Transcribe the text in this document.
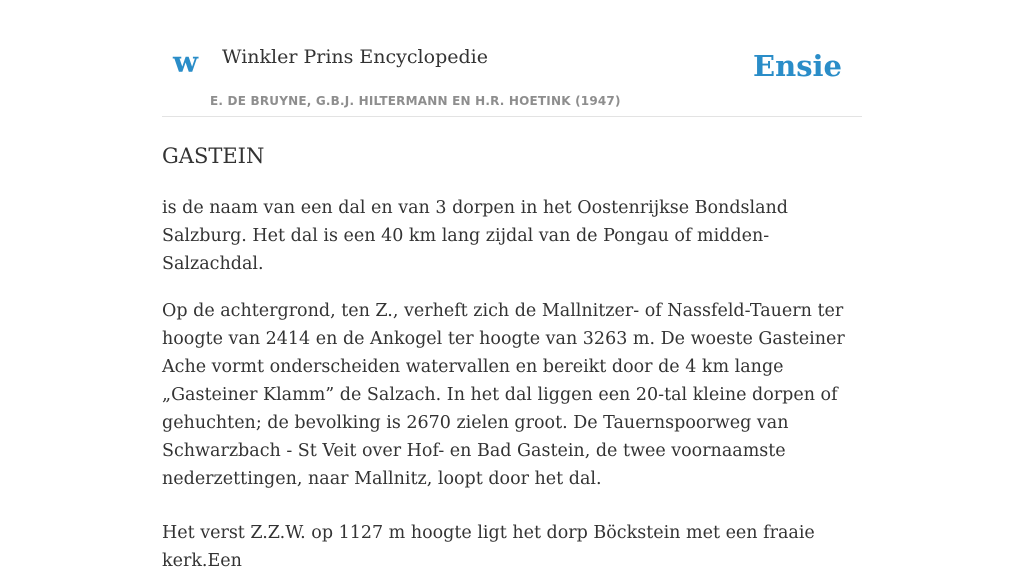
w Winkler Prins Encyclopedie
E. DE BRUYNE, G.B.J. HILTERMANN EN H.R. HOETINK (1947)
Ensie
GASTEIN

is de naam van een dal en van 3 dorpen in het Oostenrijkse Bondsland Salzburg. Het dal is een 40 km lang zijdal van de Pongau of midden-Salzachdal.

Op de achtergrond, ten Z., verheft zich de Mallnitzer- of Nassfeld-Tauern ter hoogte van 2414 en de Ankogel ter hoogte van 3263 m. De woeste Gasteiner Ache vormt onderscheiden watervallen en bereikt door de 4 km lange „Gasteiner Klamm” de Salzach. In het dal liggen een 20-tal kleine dorpen of gehuchten; de bevolking is 2670 zielen groot. De Tauernspoorweg van Schwarzbach - St Veit over Hof- en Bad Gastein, de twee voornaamste nederzettingen, naar Mallnitz, loopt door het dal.

Het verst Z.Z.W. op 1127 m hoogte ligt het dorp Böckstein met een fraaie kerk.Een
